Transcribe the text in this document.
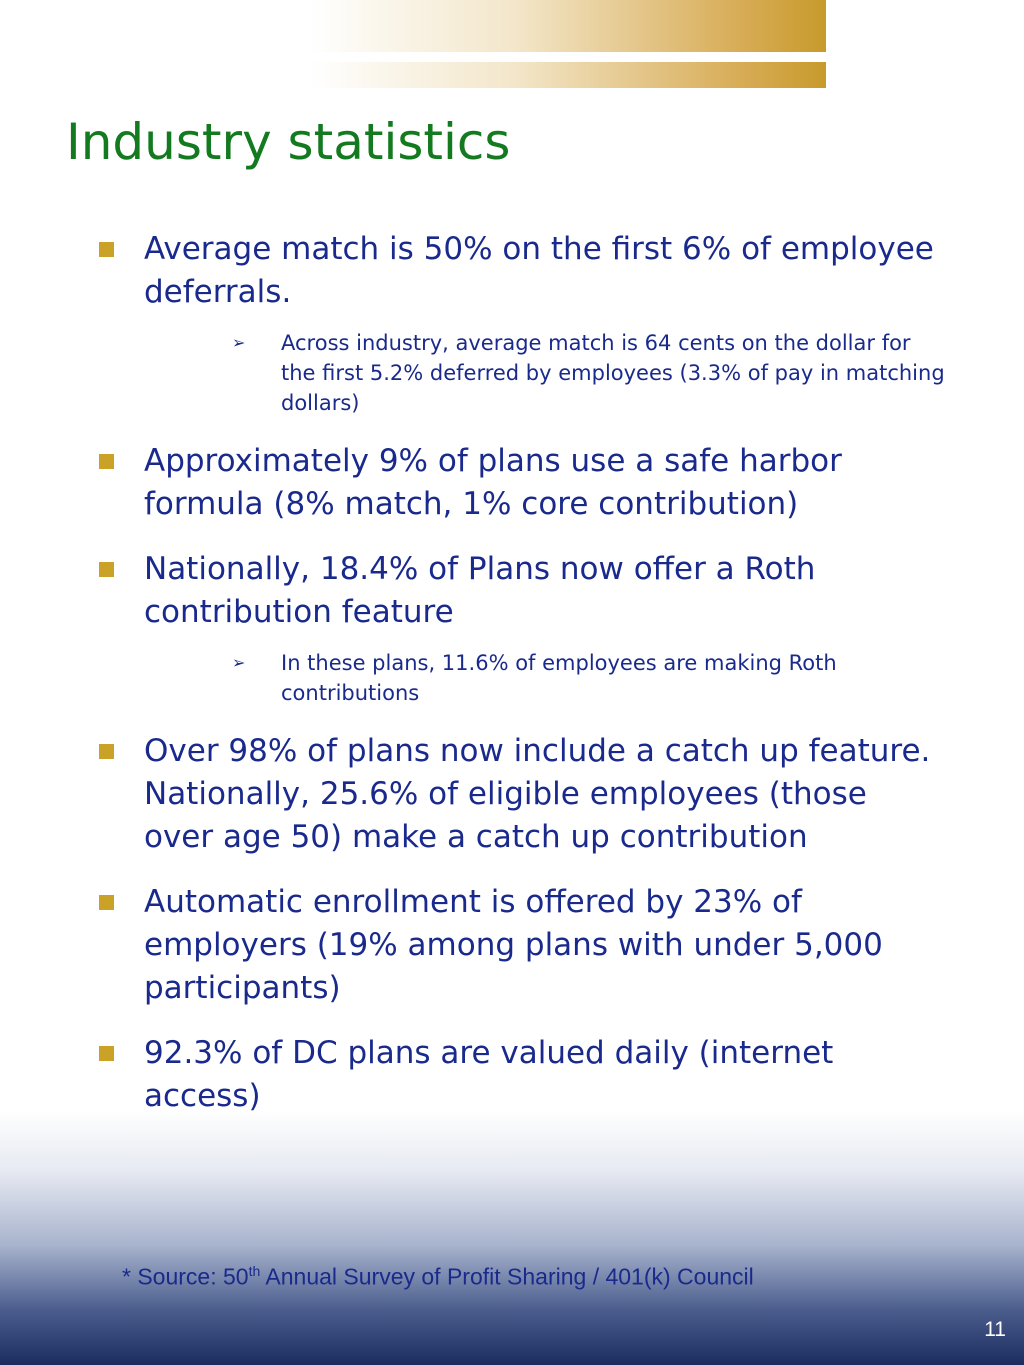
Industry statistics
Average match is 50% on the first 6% of employee deferrals.
➢ Across industry, average match is 64 cents on the dollar for the first 5.2% deferred by employees (3.3% of pay in matching dollars)
Approximately 9% of plans use a safe harbor formula (8% match, 1% core contribution)
Nationally, 18.4% of Plans now offer a Roth contribution feature
➢ In these plans, 11.6% of employees are making Roth contributions
Over 98% of plans now include a catch up feature. Nationally, 25.6% of eligible employees (those over age 50) make a catch up contribution
Automatic enrollment is offered by 23% of employers (19% among plans with under 5,000 participants)
92.3% of DC plans are valued daily (internet access)
* Source: 50th Annual Survey of Profit Sharing / 401(k) Council
11
